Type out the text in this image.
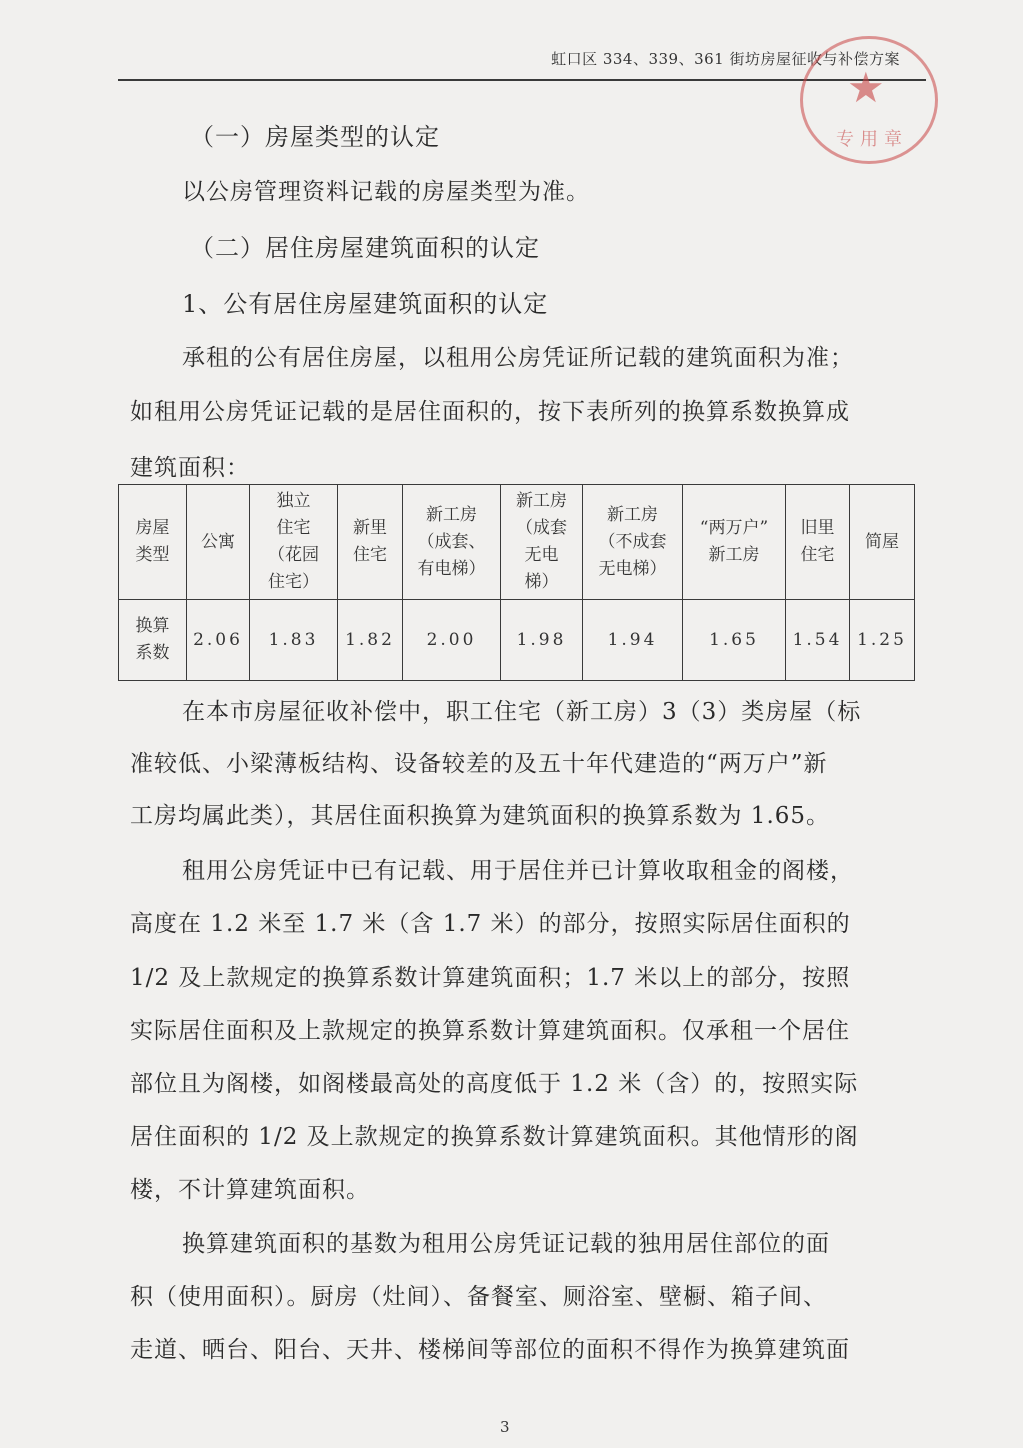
虹口区 334、339、361 街坊房屋征收与补偿方案
★
专用章
（一）房屋类型的认定
以公房管理资料记载的房屋类型为准。
（二）居住房屋建筑面积的认定
1、公有居住房屋建筑面积的认定
承租的公有居住房屋，以租用公房凭证所记载的建筑面积为准；
如租用公房凭证记载的是居住面积的，按下表所列的换算系数换算成
建筑面积：
房屋
类型	公寓	独立
住宅
（花园
住宅）	新里
住宅	新工房
（成套、
有电梯）	新工房
（成套
无电
梯）	新工房
（不成套
无电梯）	“两万户”
新工房	旧里
住宅	简屋
换算
系数	2.06	1.83	1.82	2.00	1.98	1.94	1.65	1.54	1.25
在本市房屋征收补偿中，职工住宅（新工房）3（3）类房屋（标
准较低、小梁薄板结构、设备较差的及五十年代建造的“两万户”新
工房均属此类），其居住面积换算为建筑面积的换算系数为 1.65。
租用公房凭证中已有记载、用于居住并已计算收取租金的阁楼，
高度在 1.2 米至 1.7 米（含 1.7 米）的部分，按照实际居住面积的
1/2 及上款规定的换算系数计算建筑面积；1.7 米以上的部分，按照
实际居住面积及上款规定的换算系数计算建筑面积。仅承租一个居住
部位且为阁楼，如阁楼最高处的高度低于 1.2 米（含）的，按照实际
居住面积的 1/2 及上款规定的换算系数计算建筑面积。其他情形的阁
楼，不计算建筑面积。
换算建筑面积的基数为租用公房凭证记载的独用居住部位的面
积（使用面积）。厨房（灶间）、备餐室、厕浴室、壁橱、箱子间、
走道、晒台、阳台、天井、楼梯间等部位的面积不得作为换算建筑面
3
